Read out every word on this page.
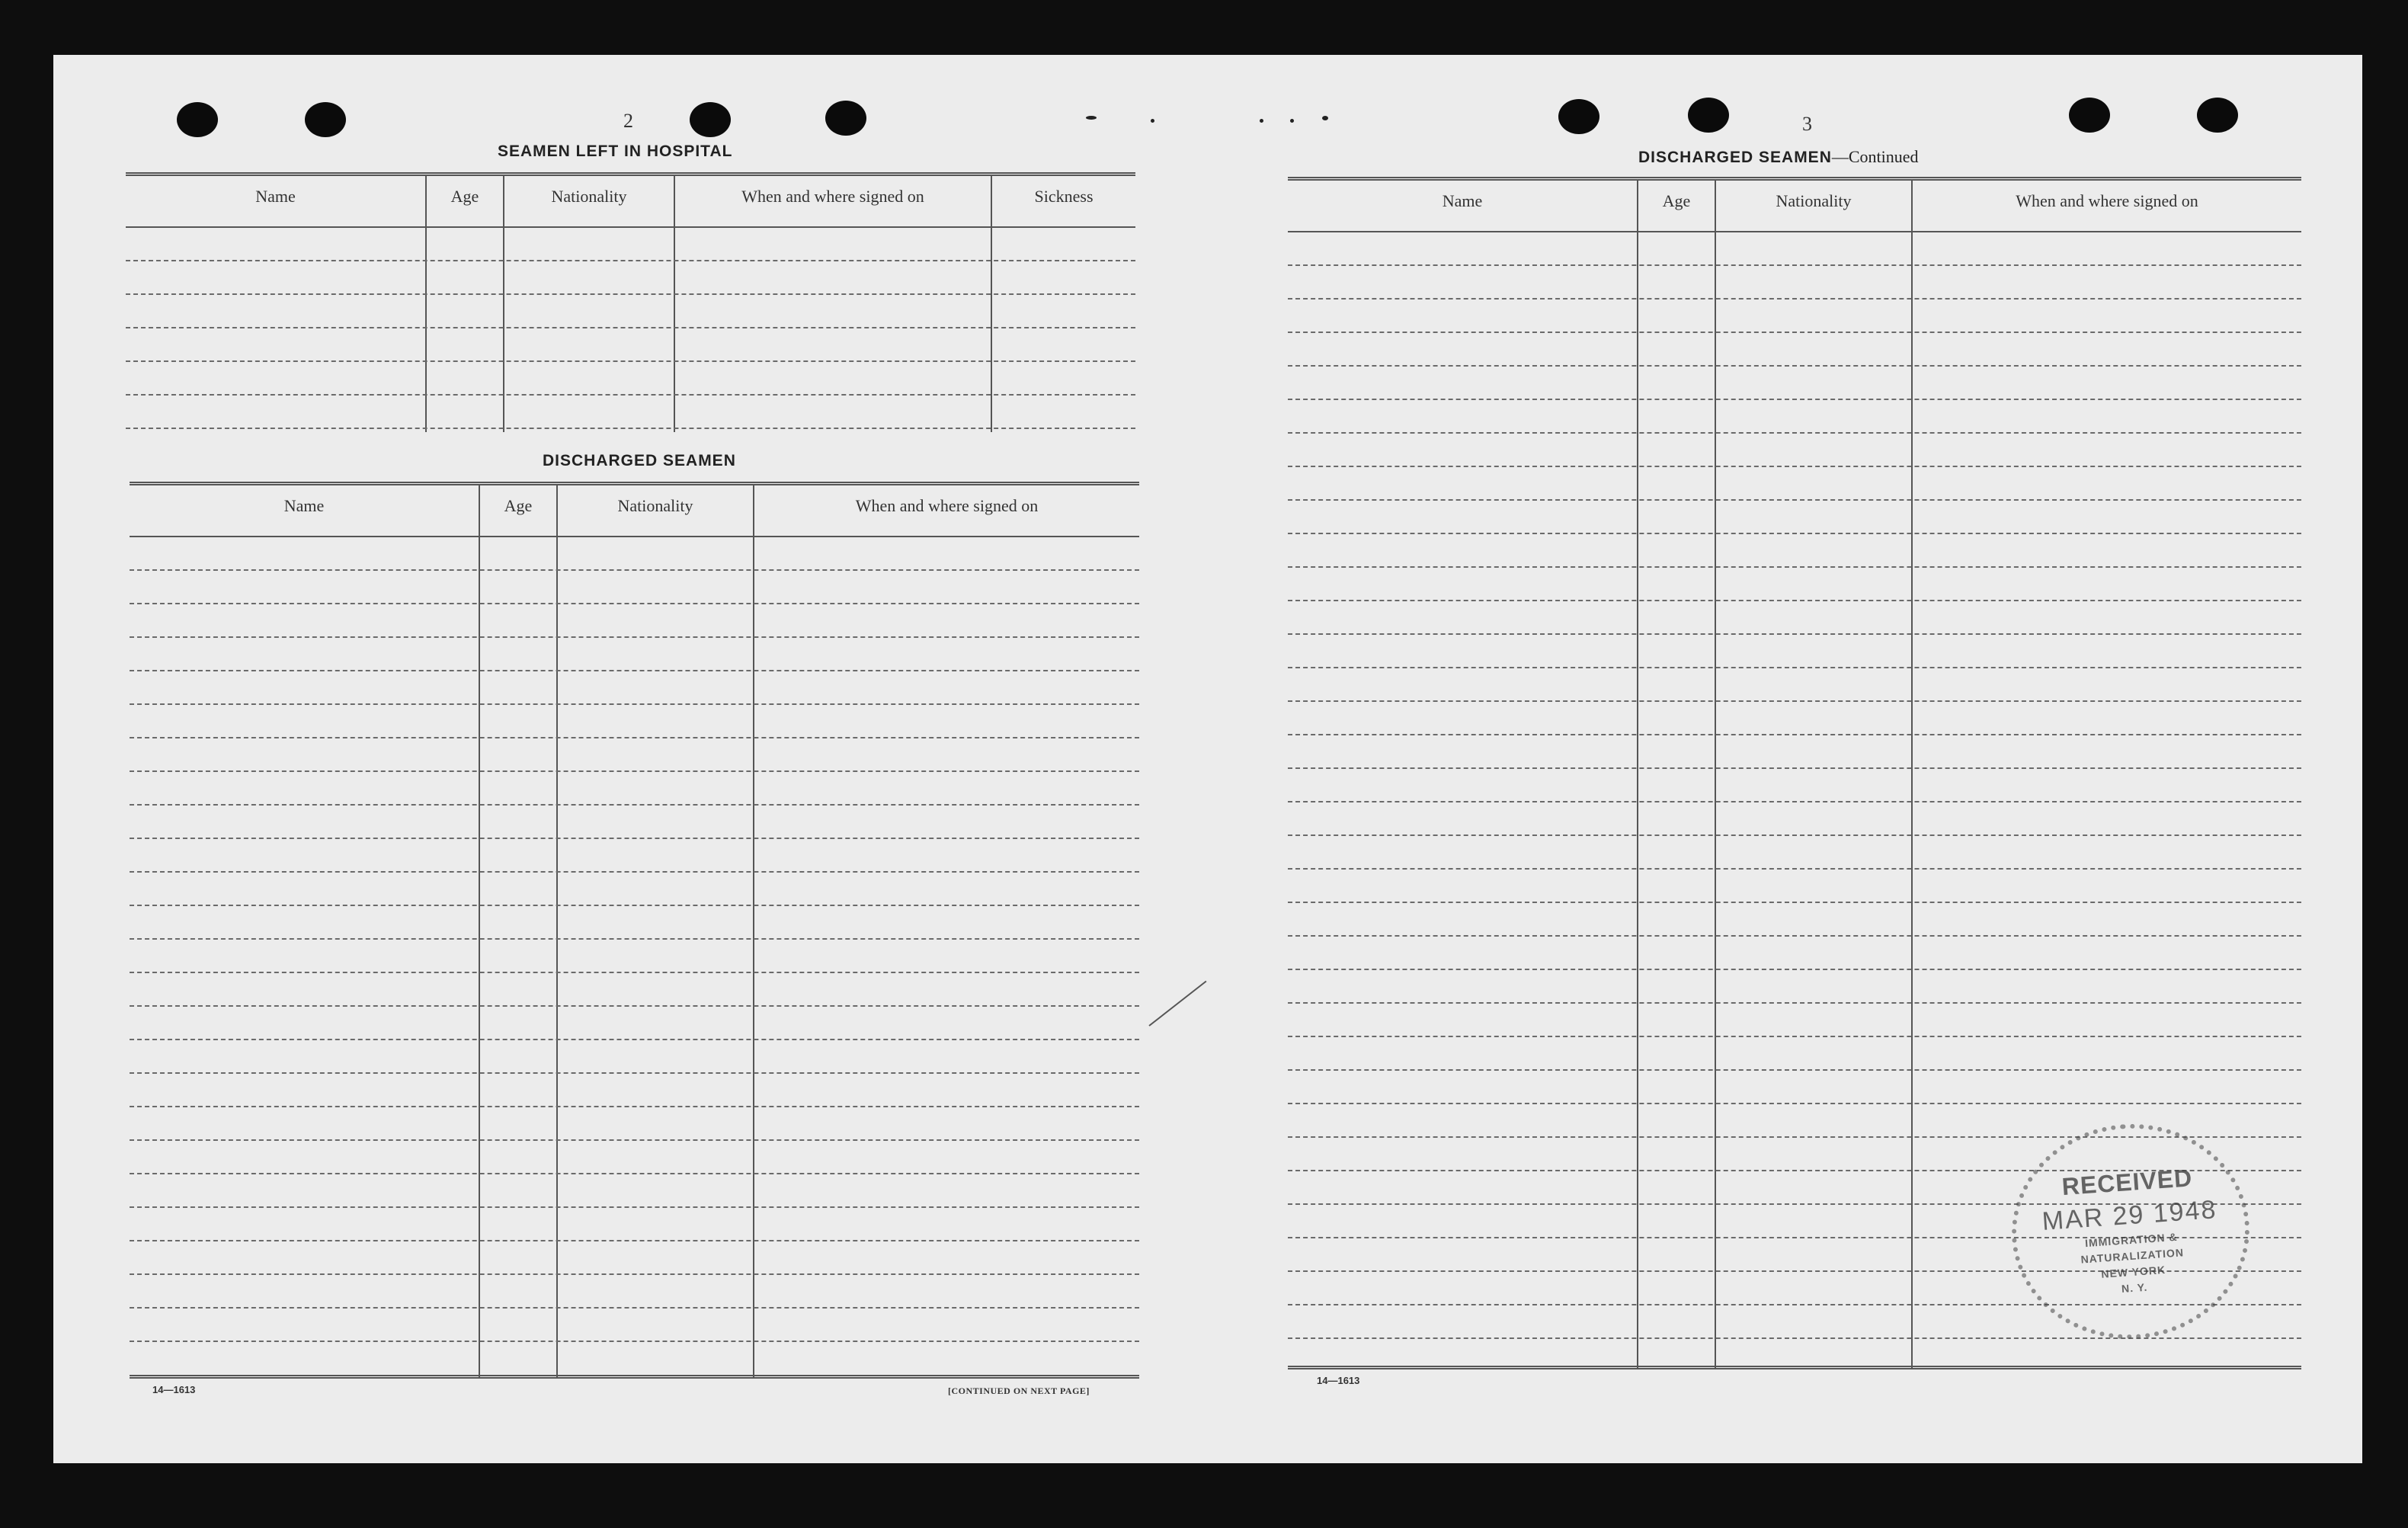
2
SEAMEN LEFT IN HOSPITAL
Name	Age	Nationality	When and where signed on	Sickness
DISCHARGED SEAMEN
Name	Age	Nationality	When and where signed on
14—1613	[CONTINUED ON NEXT PAGE]
3
DISCHARGED SEAMEN—Continued
Name	Age	Nationality	When and where signed on
14—1613
RECEIVED
MAR 29 1948
IMMIGRATION &
NATURALIZATION
NEW YORK
N. Y.
